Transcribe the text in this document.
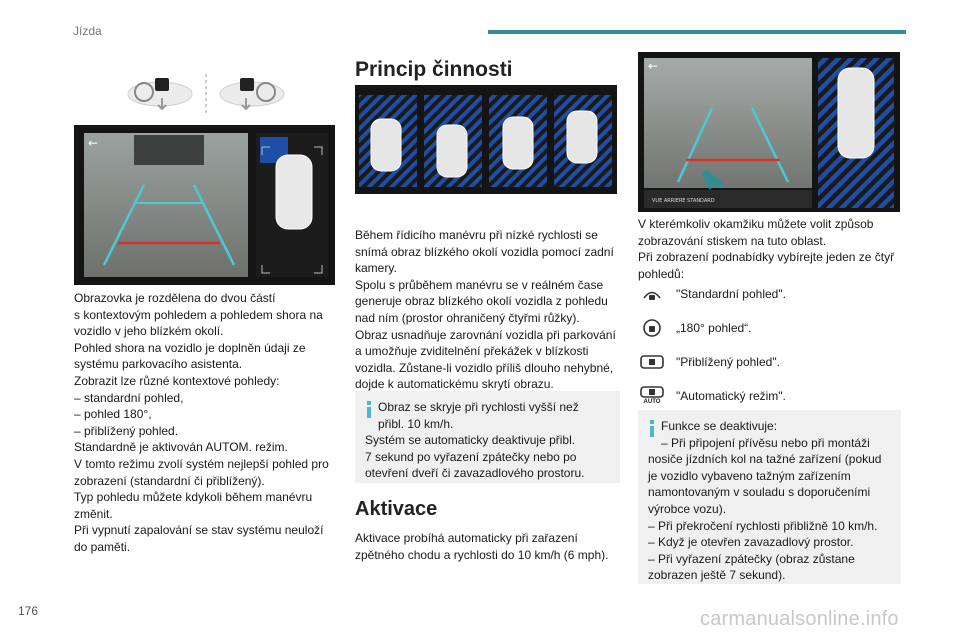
Jízda
176	carmanualsonline.info
←
Obrazovka je rozdělena do dvou částí
s kontextovým pohledem a pohledem shora na
vozidlo v jeho blízkém okolí.
Pohled shora na vozidlo je doplněn údaji ze
systému parkovacího asistenta.
Zobrazit lze různé kontextové pohledy:
– standardní pohled,
– pohled 180°,
– přiblížený pohled.
Standardně je aktivován AUTOM. režim.
V tomto režimu zvolí systém nejlepší pohled pro
zobrazení (standardní či přiblížený).
Typ pohledu můžete kdykoli během manévru
změnit.
Při vypnutí zapalování se stav systému neuloží
do paměti.
Princip činnosti
Během řídicího manévru při nízké rychlosti se
snímá obraz blízkého okolí vozidla pomocí zadní
kamery.
Spolu s průběhem manévru se v reálném čase
generuje obraz blízkého okolí vozidla z pohledu
nad ním (prostor ohraničený čtyřmi růžky).
Obraz usnadňuje zarovnání vozidla při parkování
a umožňuje zviditelnění překážek v blízkosti
vozidla. Zůstane-li vozidlo příliš dlouho nehybné,
dojde k automatickému skrytí obrazu.
Obraz se skryje při rychlosti vyšší než
přibl. 10 km/h.
Systém se automaticky deaktivuje přibl.
7 sekund po vyřazení zpátečky nebo po
otevření dveří či zavazadlového prostoru.
Aktivace
Aktivace probíhá automaticky při zařazení
zpětného chodu a rychlosti do 10 km/h (6 mph).
←
VUE ARRIERE STANDARD
V kterémkoliv okamžiku můžete volit způsob
zobrazování stiskem na tuto oblast.
Při zobrazení podnabídky vybírejte jeden ze čtyř
pohledů:
"Standardní pohled".
„180° pohled“.
"Přiblížený pohled".
AUTO "Automatický režim".
Funkce se deaktivuje:
– Při připojení přívěsu nebo při montáži
nosiče jízdních kol na tažné zařízení (pokud
je vozidlo vybaveno tažným zařízením
namontovaným v souladu s doporučeními
výrobce vozu).
– Při překročení rychlosti přibližně 10 km/h.
– Když je otevřen zavazadlový prostor.
– Při vyřazení zpátečky (obraz zůstane
zobrazen ještě 7 sekund).
